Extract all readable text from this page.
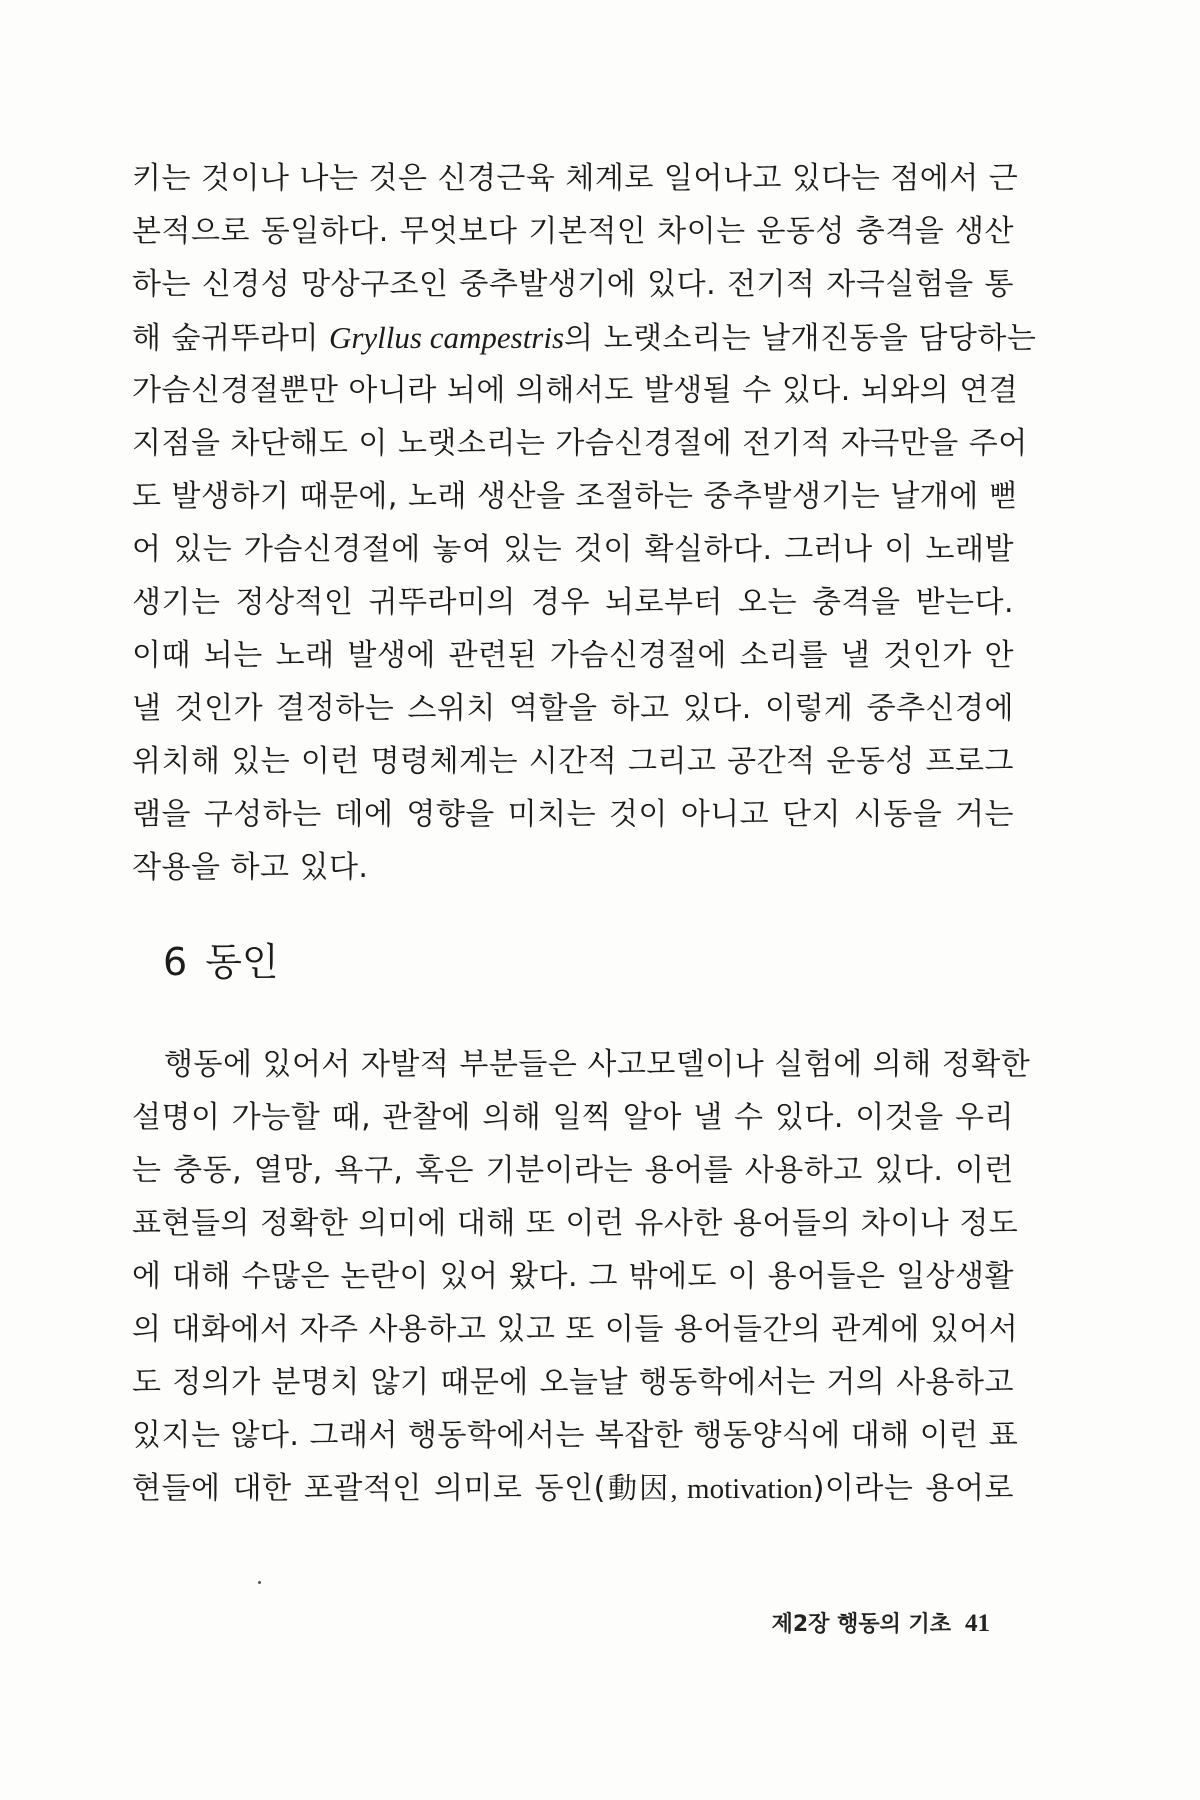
키는 것이나 나는 것은 신경근육 체계로 일어나고 있다는 점에서 근
본적으로 동일하다. 무엇보다 기본적인 차이는 운동성 충격을 생산
하는 신경성 망상구조인 중추발생기에 있다. 전기적 자극실험을 통
해 숲귀뚜라미 Gryllus campestris의 노랫소리는 날개진동을 담당하는
가슴신경절뿐만 아니라 뇌에 의해서도 발생될 수 있다. 뇌와의 연결
지점을 차단해도 이 노랫소리는 가슴신경절에 전기적 자극만을 주어
도 발생하기 때문에, 노래 생산을 조절하는 중추발생기는 날개에 뻗
어 있는 가슴신경절에 놓여 있는 것이 확실하다. 그러나 이 노래발
생기는 정상적인 귀뚜라미의 경우 뇌로부터 오는 충격을 받는다.
이때 뇌는 노래 발생에 관련된 가슴신경절에 소리를 낼 것인가 안
낼 것인가 결정하는 스위치 역할을 하고 있다. 이렇게 중추신경에
위치해 있는 이런 명령체계는 시간적 그리고 공간적 운동성 프로그
램을 구성하는 데에 영향을 미치는 것이 아니고 단지 시동을 거는
작용을 하고 있다.
6 동인
행동에 있어서 자발적 부분들은 사고모델이나 실험에 의해 정확한
설명이 가능할 때, 관찰에 의해 일찍 알아 낼 수 있다. 이것을 우리
는 충동, 열망, 욕구, 혹은 기분이라는 용어를 사용하고 있다. 이런
표현들의 정확한 의미에 대해 또 이런 유사한 용어들의 차이나 정도
에 대해 수많은 논란이 있어 왔다. 그 밖에도 이 용어들은 일상생활
의 대화에서 자주 사용하고 있고 또 이들 용어들간의 관계에 있어서
도 정의가 분명치 않기 때문에 오늘날 행동학에서는 거의 사용하고
있지는 않다. 그래서 행동학에서는 복잡한 행동양식에 대해 이런 표
현들에 대한 포괄적인 의미로 동인(動因, motivation)이라는 용어로
제2장 행동의 기초 41
